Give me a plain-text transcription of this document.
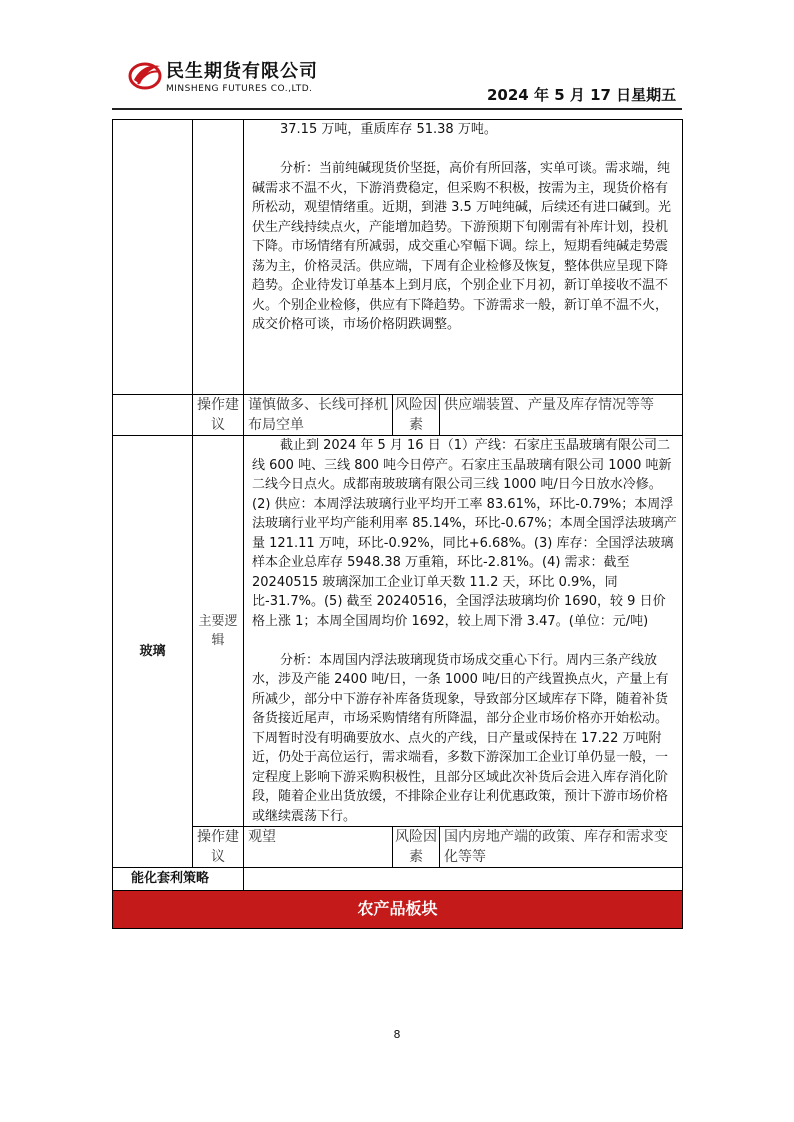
民生期货有限公司
MINSHENG FUTURES CO.,LTD.	2024 年 5 月 17 日星期五

		37.15 万吨，重质库存 51.38 万吨。

分析：当前纯碱现货价坚挺，高价有所回落，实单可谈。需求端，纯碱需求不温不火，下游消费稳定，但采购不积极，按需为主，现货价格有所松动，观望情绪重。近期，到港 3.5 万吨纯碱，后续还有进口碱到。光伏生产线持续点火，产能增加趋势。下游预期下旬刚需有补库计划，投机下降。市场情绪有所减弱，成交重心窄幅下调。综上，短期看纯碱走势震荡为主，价格灵活。供应端，下周有企业检修及恢复，整体供应呈现下降趋势。企业待发订单基本上到月底，个别企业下月初，新订单接收不温不火。个别企业检修，供应有下降趋势。下游需求一般，新订单不温不火，成交价格可谈，市场价格阴跌调整。		

	操作建议	谨慎做多、长线可择机布局空单	风险因素	供应端装置、产量及库存情况等等
玻璃	主要逻辑	截止到 2024 年 5 月 16 日（1）产线：石家庄玉晶玻璃有限公司二线 600 吨、三线 800 吨今日停产。石家庄玉晶玻璃有限公司 1000 吨新二线今日点火。成都南玻玻璃有限公司三线 1000 吨/日今日放水冷修。(2) 供应：本周浮法玻璃行业平均开工率 83.61%，环比-0.79%；本周浮法玻璃行业平均产能利用率 85.14%，环比-0.67%；本周全国浮法玻璃产量 121.11 万吨，环比-0.92%，同比+6.68%。(3) 库存：全国浮法玻璃样本企业总库存 5948.38 万重箱，环比-2.81%。(4) 需求：截至 20240515 玻璃深加工企业订单天数 11.2 天，环比 0.9%，同比-31.7%。(5) 截至 20240516，全国浮法玻璃均价 1690，较 9 日价格上涨 1；本周全国周均价 1692，较上周下滑 3.47。(单位：元/吨)

分析：本周国内浮法玻璃现货市场成交重心下行。周内三条产线放水，涉及产能 2400 吨/日，一条 1000 吨/日的产线置换点火，产量上有所减少，部分中下游存补库备货现象，导致部分区域库存下降，随着补货备货接近尾声，市场采购情绪有所降温，部分企业市场价格亦开始松动。下周暂时没有明确要放水、点火的产线，日产量或保持在 17.22 万吨附近，仍处于高位运行，需求端看，多数下游深加工企业订单仍显一般，一定程度上影响下游采购积极性，且部分区域此次补货后会进入库存消化阶段，随着企业出货放缓，不排除企业存让利优惠政策，预计下游市场价格或继续震荡下行。		

	操作建议	观望	风险因素	国内房地产端的政策、库存和需求变化等等
能化套利策略				
农产品板块				
8
